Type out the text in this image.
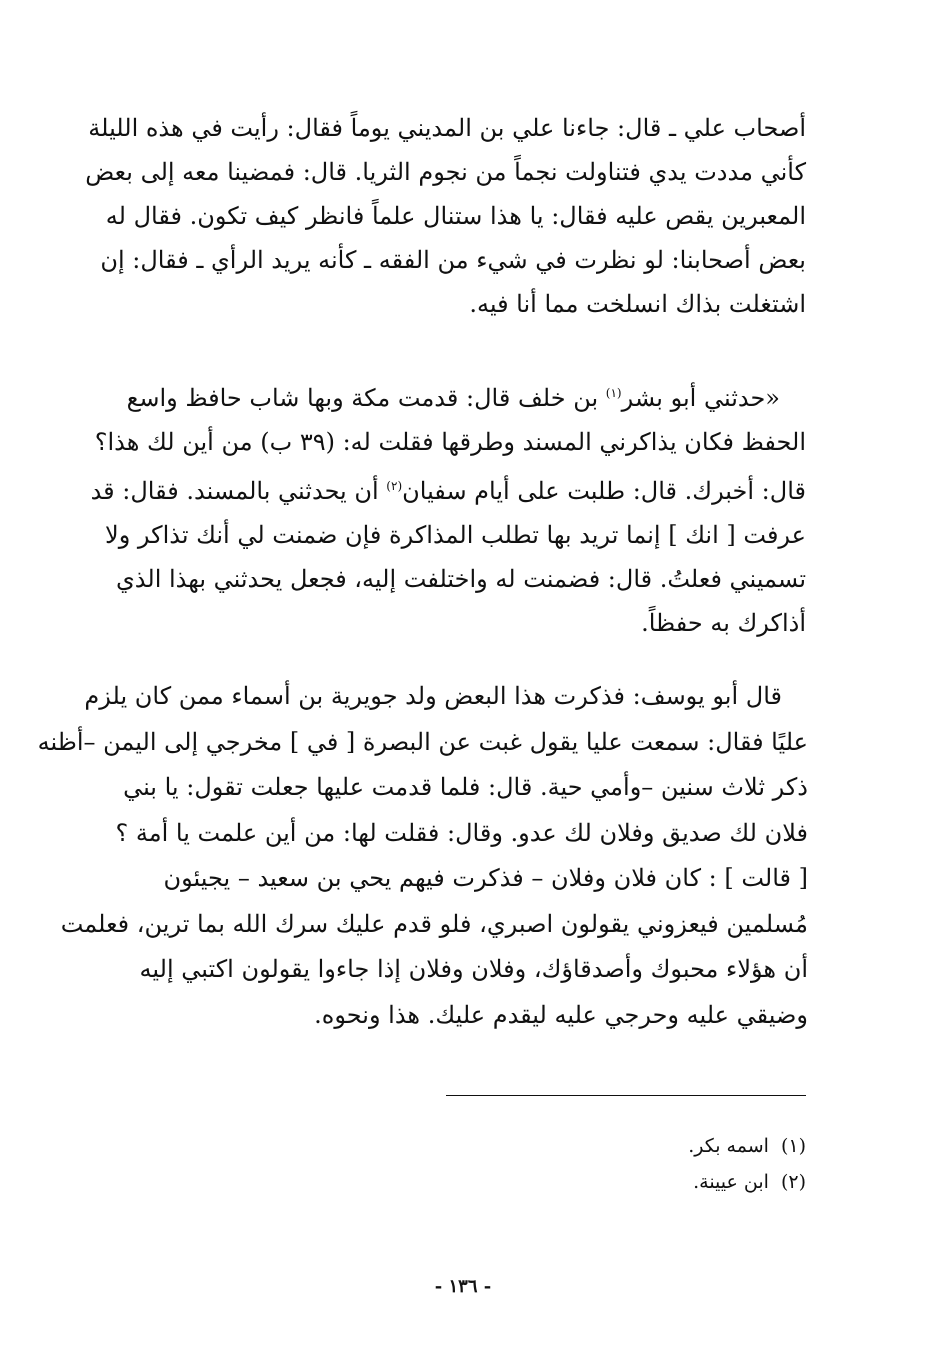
أصحاب علي ـ قال: جاءنا علي بن المديني يوماً فقال: رأيت في هذه الليلة
كأني مددت يدي فتناولت نجماً من نجوم الثريا. قال: فمضينا معه إلى بعض
المعبرين يقص عليه فقال: يا هذا ستنال علماً فانظر كيف تكون. فقال له
بعض أصحابنا: لو نظرت في شيء من الفقه ـ كأنه يريد الرأي ـ فقال: إن
اشتغلت بذاك انسلخت مما أنا فيه.
«حدثني أبو بشر$^{(١)}$ بن خلف قال: قدمت مكة وبها شاب حافظ واسع
الحفظ فكان يذاكرني المسند وطرقها فقلت له: (٣٩ ب) من أين لك هذا؟
قال: أخبرك. قال: طلبت على أيام سفيان$^{(٢)}$ أن يحدثني بالمسند. فقال: قد
عرفت [ انك ] إنما تريد بها تطلب المذاكرة فإن ضمنت لي أنك تذاكر ولا
تسميني فعلتُ. قال: فضمنت له واختلفت إليه، فجعل يحدثني بهذا الذي
أذاكرك به حفظاً.
قال أبو يوسف: فذكرت هذا البعض ولد جويرية بن أسماء ممن كان يلزم
عليًا فقال: سمعت عليا يقول غبت عن البصرة [ في ] مخرجي إلى اليمن –أظنه
ذكر ثلاث سنين –وأمي حية. قال: فلما قدمت عليها جعلت تقول: يا بني
فلان لك صديق وفلان لك عدو. وقال: فقلت لها: من أين علمت يا أمة ؟
[ قالت ] : كان فلان وفلان – فذكرت فيهم يحي بن سعيد – يجيئون
مُسلمين فيعزوني يقولون اصبري، فلو قدم عليك سرك الله بما ترين، فعلمت
أن هؤلاء محبوك وأصدقاؤك، وفلان وفلان إذا جاءوا يقولون اكتبي إليه
وضيقي عليه وحرجي عليه ليقدم عليك. هذا ونحوه.
(١)اسمه بكر.
(٢)ابن عيينة.
- ١٣٦ -
